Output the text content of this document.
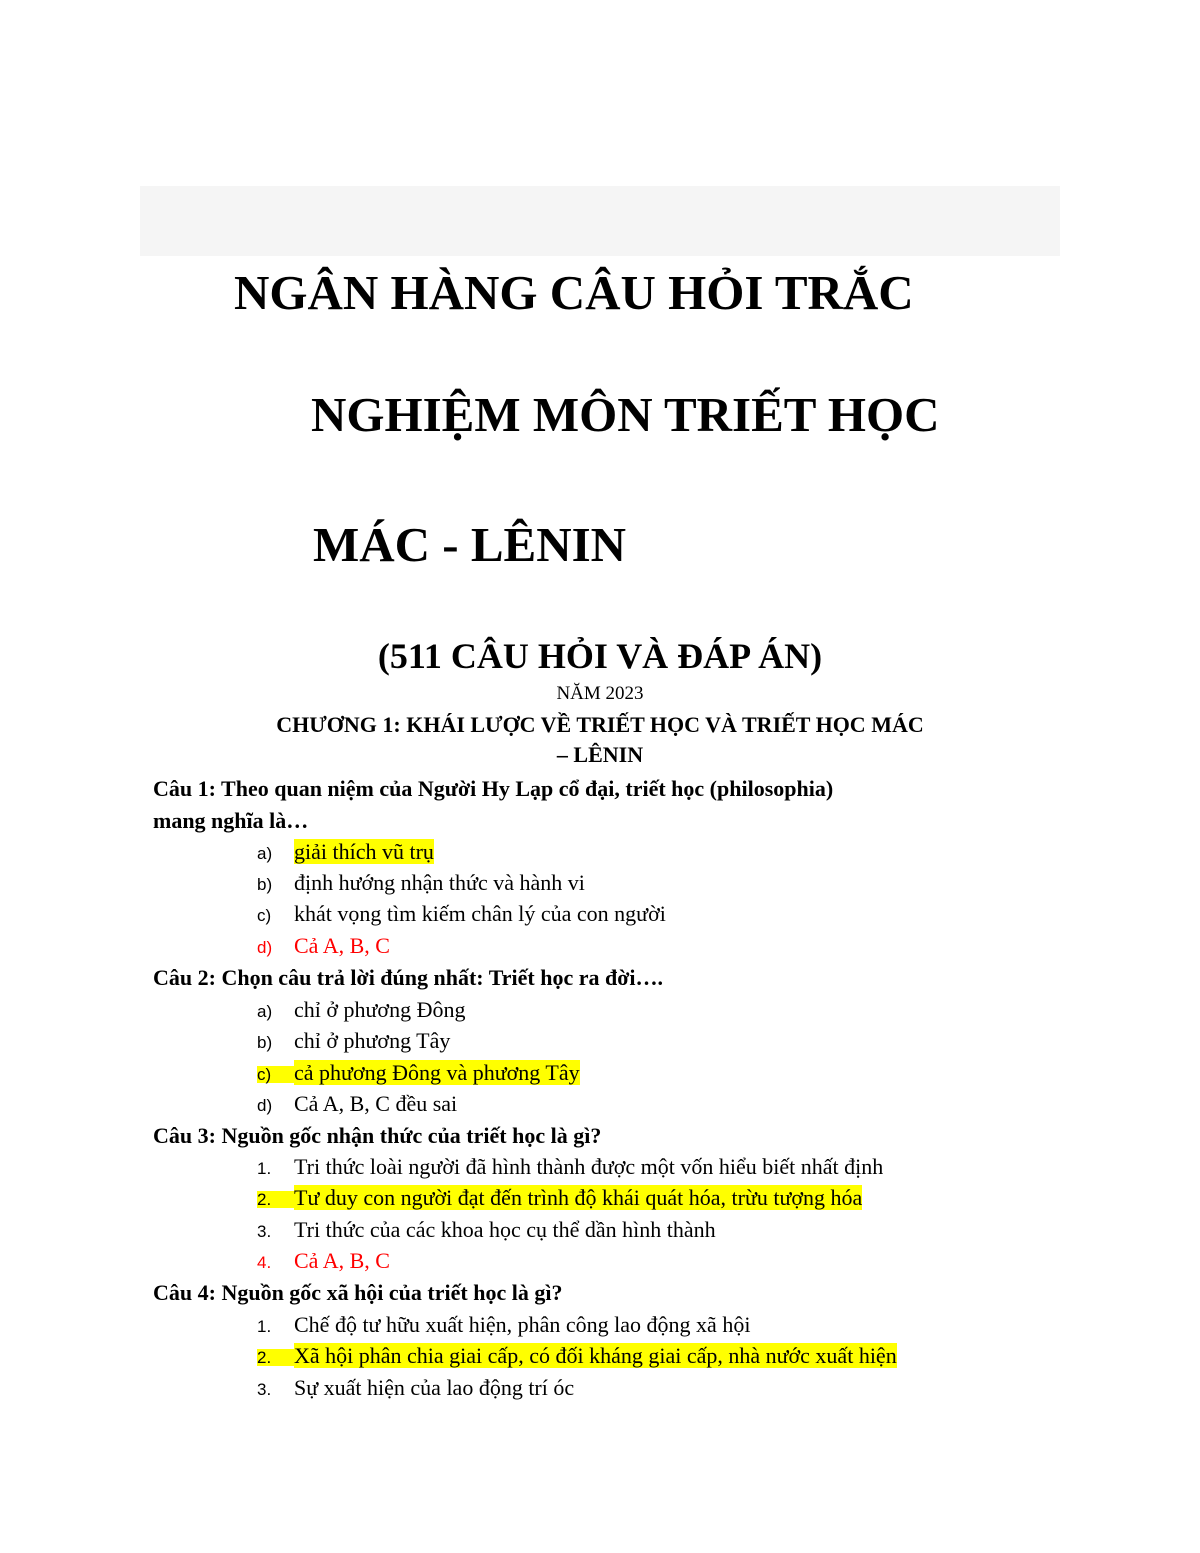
NGÂN HÀNG CÂU HỎI TRẮC
NGHIỆM MÔN TRIẾT HỌC
MÁC - LÊNIN
(511 CÂU HỎI VÀ ĐÁP ÁN)
NĂM 2023
CHƯƠNG 1: KHÁI LƯỢC VỀ TRIẾT HỌC VÀ TRIẾT HỌC MÁC
– LÊNIN
Câu 1: Theo quan niệm của Người Hy Lạp cổ đại, triết học (philosophia)
mang nghĩa là…
a) giải thích vũ trụ
b) định hướng nhận thức và hành vi
c) khát vọng tìm kiếm chân lý của con người
d) Cả A, B, C
Câu 2: Chọn câu trả lời đúng nhất: Triết học ra đời….
a) chỉ ở phương Đông
b) chỉ ở phương Tây
c) cả phương Đông và phương Tây
d) Cả A, B, C đều sai
Câu 3: Nguồn gốc nhận thức của triết học là gì?
1. Tri thức loài người đã hình thành được một vốn hiểu biết nhất định
2. Tư duy con người đạt đến trình độ khái quát hóa, trừu tượng hóa
3. Tri thức của các khoa học cụ thể dần hình thành
4. Cả A, B, C
Câu 4: Nguồn gốc xã hội của triết học là gì?
1. Chế độ tư hữu xuất hiện, phân công lao động xã hội
2. Xã hội phân chia giai cấp, có đối kháng giai cấp, nhà nước xuất hiện
3. Sự xuất hiện của lao động trí óc
